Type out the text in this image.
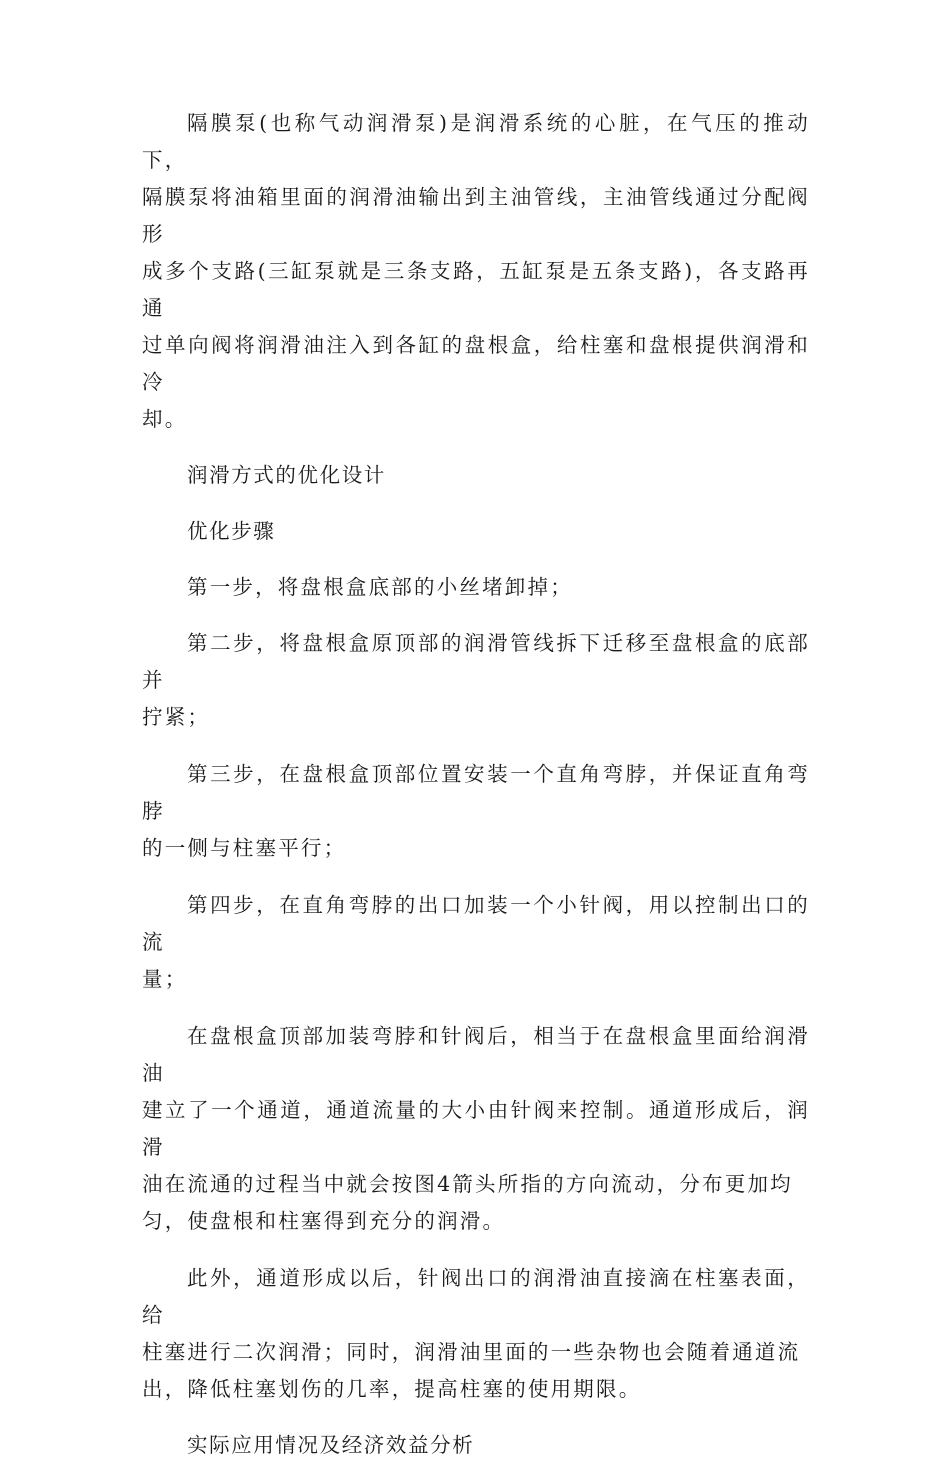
隔膜泵(也称气动润滑泵)是润滑系统的心脏，在气压的推动下，
隔膜泵将油箱里面的润滑油输出到主油管线，主油管线通过分配阀形
成多个支路(三缸泵就是三条支路，五缸泵是五条支路)，各支路再通
过单向阀将润滑油注入到各缸的盘根盒，给柱塞和盘根提供润滑和冷
却。

润滑方式的优化设计

优化步骤

第一步，将盘根盒底部的小丝堵卸掉；

第二步，将盘根盒原顶部的润滑管线拆下迁移至盘根盒的底部并
拧紧；

第三步，在盘根盒顶部位置安装一个直角弯脖，并保证直角弯脖
的一侧与柱塞平行；

第四步，在直角弯脖的出口加装一个小针阀，用以控制出口的流
量；

在盘根盒顶部加装弯脖和针阀后，相当于在盘根盒里面给润滑油
建立了一个通道，通道流量的大小由针阀来控制。通道形成后，润滑
油在流通的过程当中就会按图4箭头所指的方向流动，分布更加均
匀，使盘根和柱塞得到充分的润滑。

此外，通道形成以后，针阀出口的润滑油直接滴在柱塞表面，给
柱塞进行二次润滑；同时，润滑油里面的一些杂物也会随着通道流
出，降低柱塞划伤的几率，提高柱塞的使用期限。

实际应用情况及经济效益分析
